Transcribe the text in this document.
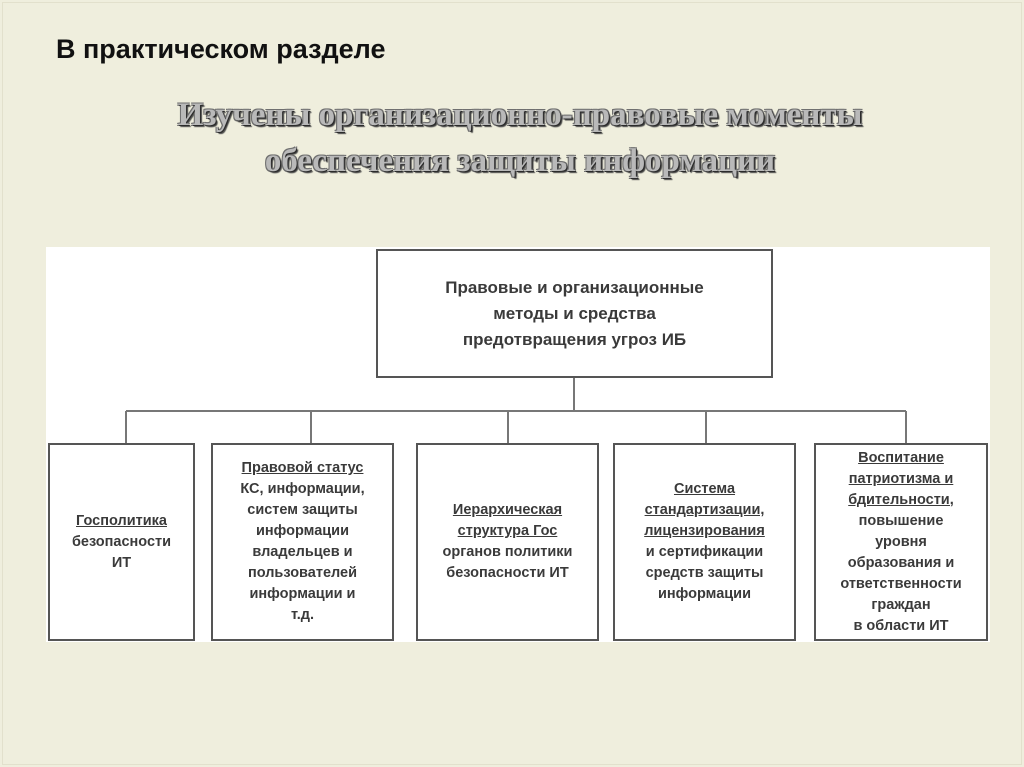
В практическом разделе
Изучены организационно-правовые моменты
обеспечения защиты информации
Правовые и организационные
методы и средства
предотвращения угроз ИБ
Госполитика
безопасности
ИТ
Правовой статус
КС, информации,
систем защиты
информации
владельцев и
пользователей
информации и
т.д.
Иерархическая
структура Гос
органов политики
безопасности ИТ
Система
стандартизации,
лицензирования
и сертификации
средств защиты
информации
Воспитание
патриотизма и
бдительности,
повышение
уровня
образования и
ответственности
граждан
в области ИТ
